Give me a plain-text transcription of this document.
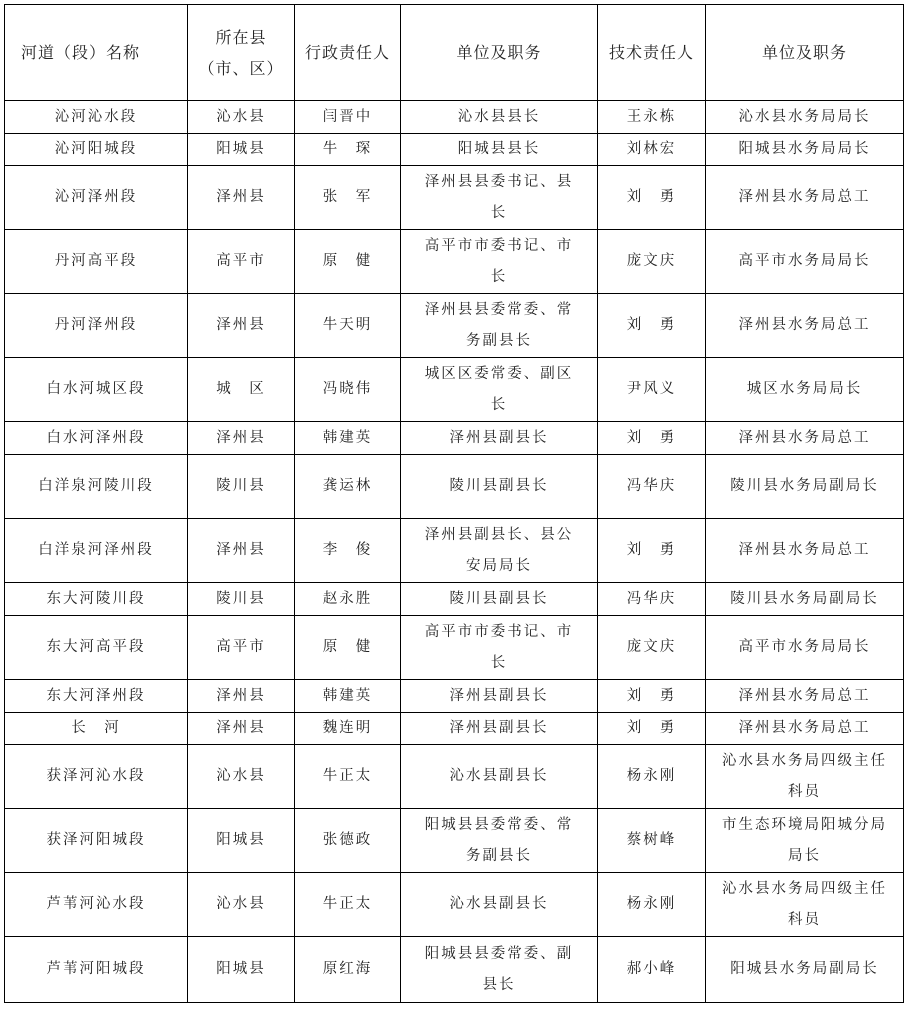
河道（段）名称	所在县（市、区）	行政责任人	单位及职务	技术责任人	单位及职务

沁河沁水段	沁水县	闫晋中	沁水县县长	王永栋	沁水县水务局局长

沁河阳城段	阳城县	牛　琛	阳城县县长	刘林宏	阳城县水务局局长

沁河泽州段	泽州县	张　军	泽州县县委书记、县长	刘　勇	泽州县水务局总工

丹河高平段	高平市	原　健	高平市市委书记、市长	庞文庆	高平市水务局局长

丹河泽州段	泽州县	牛天明	泽州县县委常委、常务副县长	刘　勇	泽州县水务局总工

白水河城区段	城　区	冯晓伟	城区区委常委、副区长	尹风义	城区水务局局长

白水河泽州段	泽州县	韩建英	泽州县副县长	刘　勇	泽州县水务局总工

白洋泉河陵川段	陵川县	龚运林	陵川县副县长	冯华庆	陵川县水务局副局长

白洋泉河泽州段	泽州县	李　俊	泽州县副县长、县公安局局长	刘　勇	泽州县水务局总工

东大河陵川段	陵川县	赵永胜	陵川县副县长	冯华庆	陵川县水务局副局长

东大河高平段	高平市	原　健	高平市市委书记、市长	庞文庆	高平市水务局局长

东大河泽州段	泽州县	韩建英	泽州县副县长	刘　勇	泽州县水务局总工

长　河	泽州县	魏连明	泽州县副县长	刘　勇	泽州县水务局总工

获泽河沁水段	沁水县	牛正太	沁水县副县长	杨永刚	沁水县水务局四级主任科员

获泽河阳城段	阳城县	张德政	阳城县县委常委、常务副县长	蔡树峰	市生态环境局阳城分局局长

芦苇河沁水段	沁水县	牛正太	沁水县副县长	杨永刚	沁水县水务局四级主任科员

芦苇河阳城段	阳城县	原红海	阳城县县委常委、副县长	郝小峰	阳城县水务局副局长
